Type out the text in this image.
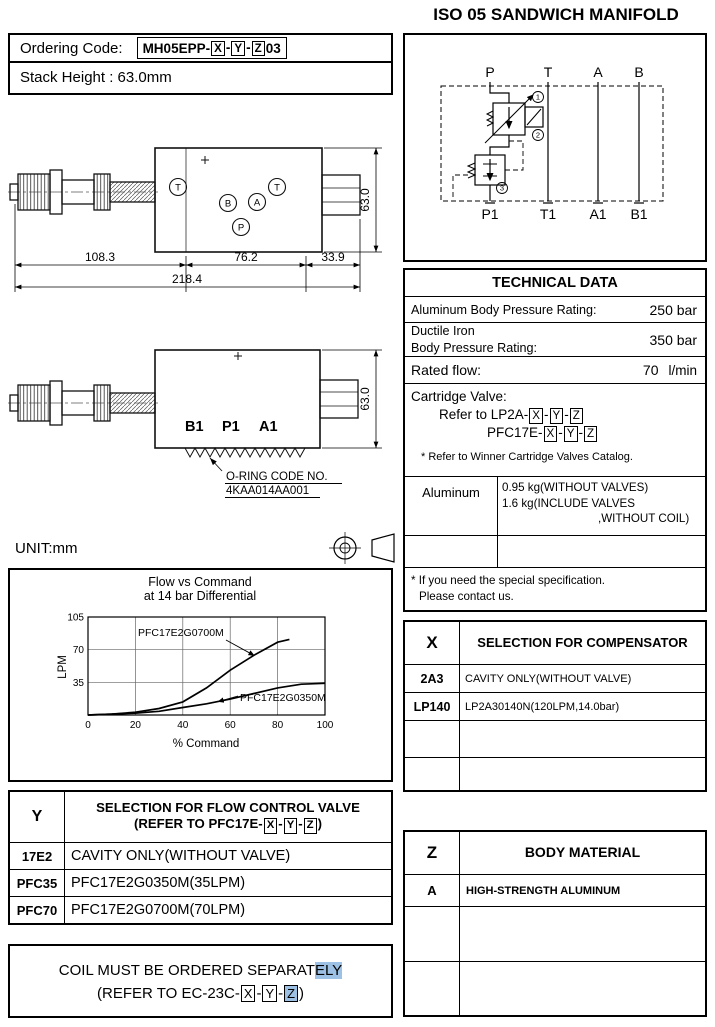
ISO 05 SANDWICH MANIFOLD
Ordering Code: MH05EPP- X - Y - Z 03
Stack Height : 63.0mm
T
B A
T
P
108.3	76.2	33.9
218.4
63.0
B1 P1 A1
O-RING CODE NO.
4KAA014AA001
63.0
UNIT:mm
Flow vs Command
at 14 bar Differential
LPM
% Command
0	20	40	60	80	100
35
70
105
PFC17E2G0700M
PFC17E2G0350M
Y
SELECTION FOR FLOW CONTROL VALVE
(REFER TO PFC17E- X - Y - Z )
17E2	CAVITY ONLY(WITHOUT VALVE)
PFC35 PFC17E2G0350M(35LPM)
PFC70 PFC17E2G0700M(70LPM)
COIL MUST BE ORDERED SEPARATELY
(REFER TO EC-23C- X - Y - Z )
1
2
3
P	T	A B
P1	T1 A1 B1
TECHNICAL DATA
Aluminum Body Pressure Rating:	250 bar
Ductile Iron
Body Pressure Rating:	350 bar
Rated flow:	70 l/min
Cartridge Valve:
Refer to LP2A- X - Y - Z
PFC17E- X - Y - Z
* Refer to Winner Cartridge Valves Catalog.
Aluminum	0.95 kg(WITHOUT VALVES)
1.6 kg(INCLUDE VALVES
,WITHOUT COIL)
* If you need the special specification.
Please contact us.
X	SELECTION FOR COMPENSATOR
2A3	CAVITY ONLY(WITHOUT VALVE)
LP140	LP2A30140N(120LPM,14.0bar)
Z	BODY MATERIAL
A	HIGH-STRENGTH ALUMINUM
